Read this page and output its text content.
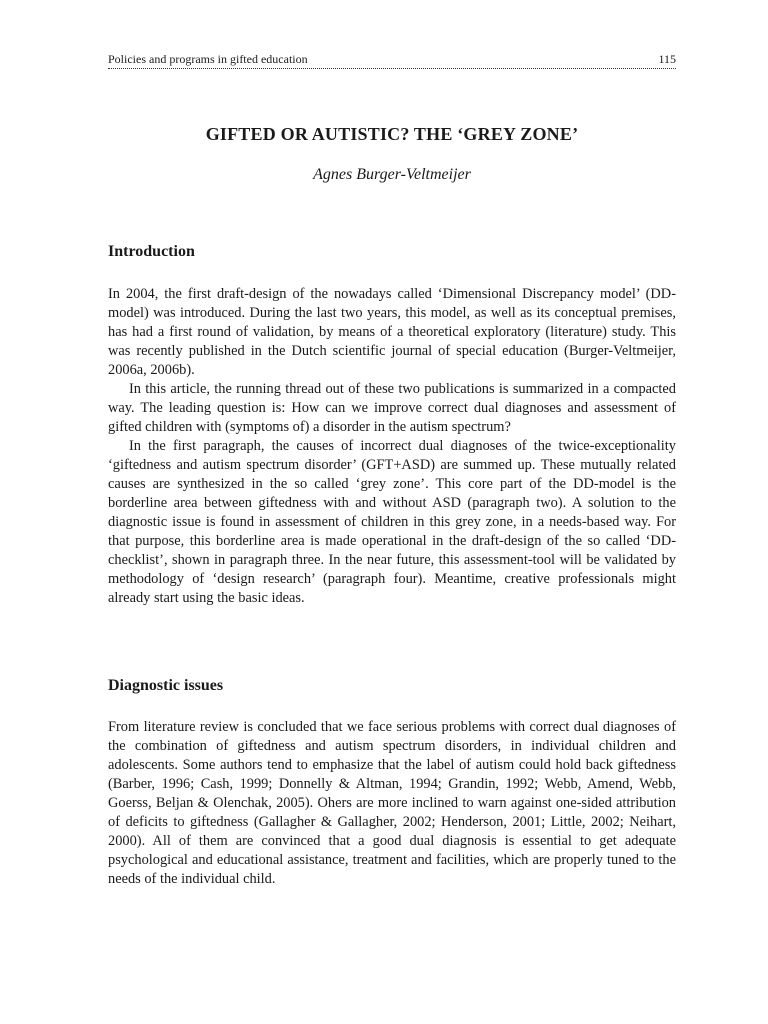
Policies and programs in gifted education	115
GIFTED OR AUTISTIC? THE ‘GREY ZONE’

Agnes Burger-Veltmeijer

Introduction

In 2004, the first draft-design of the nowadays called ‘Dimensional Discrepancy model’ (DD-model) was introduced. During the last two years, this model, as well as its conceptual premises, has had a first round of validation, by means of a theoretical exploratory (literature) study. This was recently published in the Dutch scientific journal of special education (Burger-Veltmeijer, 2006a, 2006b).

In this article, the running thread out of these two publications is summarized in a compacted way. The leading question is: How can we improve correct dual diagnoses and assessment of gifted children with (symptoms of) a disorder in the autism spectrum?

In the first paragraph, the causes of incorrect dual diagnoses of the twice-exceptionality ‘giftedness and autism spectrum disorder’ (GFT+ASD) are summed up. These mutually related causes are synthesized in the so called ‘grey zone’. This core part of the DD-model is the borderline area between giftedness with and without ASD (paragraph two). A solution to the diagnostic issue is found in assessment of children in this grey zone, in a needs-based way. For that purpose, this borderline area is made operational in the draft-design of the so called ‘DD-checklist’, shown in paragraph three. In the near future, this assessment-tool will be validated by methodology of ‘design research’ (paragraph four). Meantime, creative professionals might already start using the basic ideas.

Diagnostic issues

From literature review is concluded that we face serious problems with correct dual diagnoses of the combination of giftedness and autism spectrum disorders, in individual children and adolescents. Some authors tend to emphasize that the label of autism could hold back giftedness (Barber, 1996; Cash, 1999; Donnelly & Altman, 1994; Grandin, 1992; Webb, Amend, Webb, Goerss, Beljan & Olenchak, 2005). Ohers are more inclined to warn against one-sided attribution of deficits to giftedness (Gallagher & Gallagher, 2002; Henderson, 2001; Little, 2002; Neihart, 2000). All of them are convinced that a good dual diagnosis is essential to get adequate psychological and educational assistance, treatment and facilities, which are properly tuned to the needs of the individual child.
